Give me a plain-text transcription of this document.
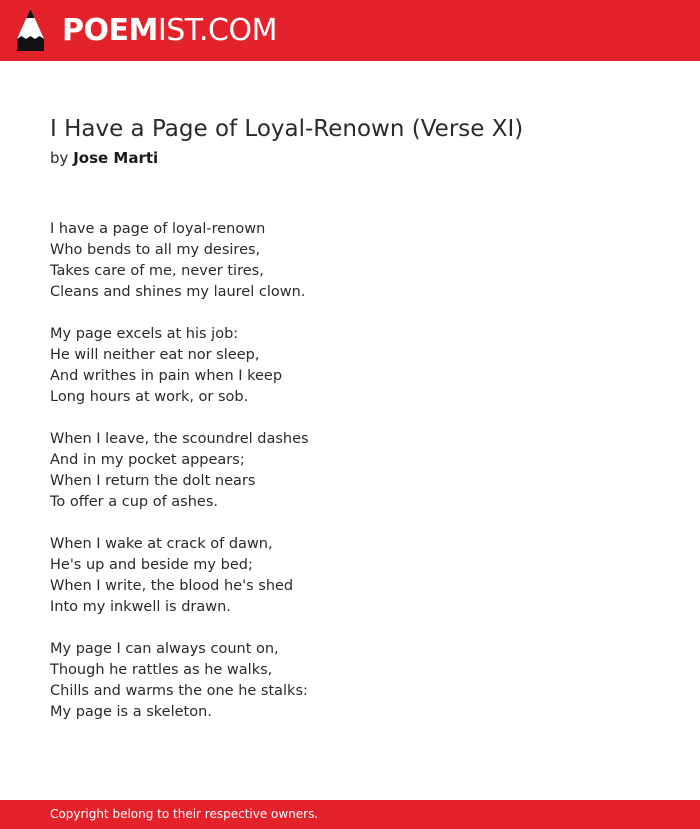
POEMIST.COM
I Have a Page of Loyal-Renown (Verse XI)
by Jose Marti
I have a page of loyal-renown
Who bends to all my desires,
Takes care of me, never tires,
Cleans and shines my laurel clown.
My page excels at his job:
He will neither eat nor sleep,
And writhes in pain when I keep
Long hours at work, or sob.
When I leave, the scoundrel dashes
And in my pocket appears;
When I return the dolt nears
To offer a cup of ashes.
When I wake at crack of dawn,
He's up and beside my bed;
When I write, the blood he's shed
Into my inkwell is drawn.
My page I can always count on,
Though he rattles as he walks,
Chills and warms the one he stalks:
My page is a skeleton.
Copyright belong to their respective owners.
